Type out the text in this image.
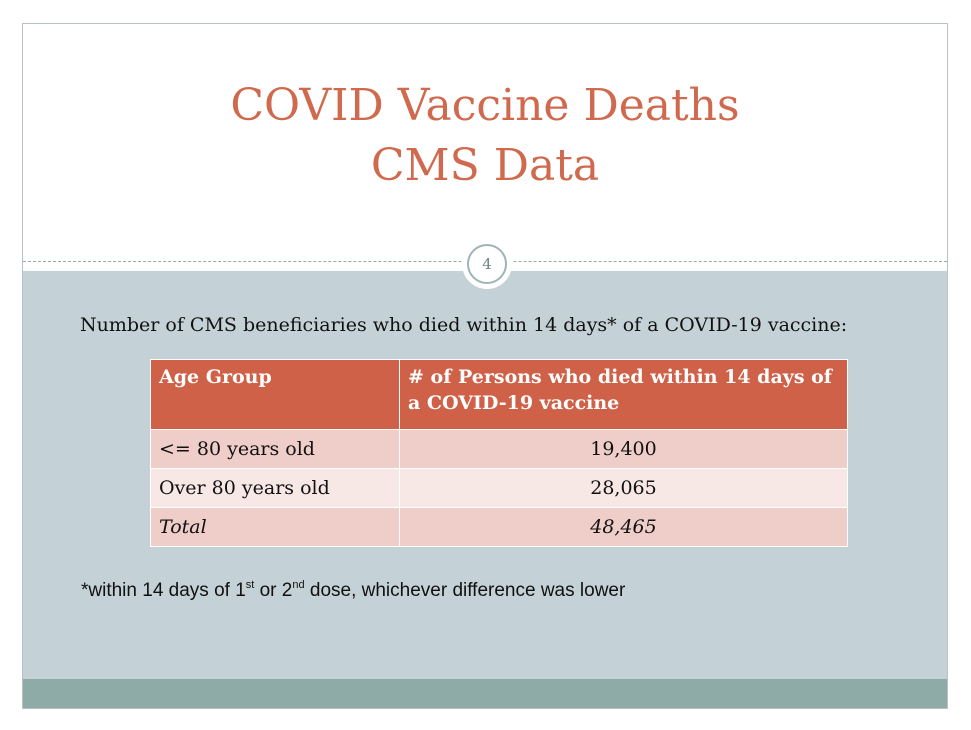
COVID Vaccine Deaths
CMS Data
4
Number of CMS beneficiaries who died within 14 days* of a COVID-19 vaccine:
Age Group	# of Persons who died within 14 days of a COVID-19 vaccine
<= 80 years old	19,400
Over 80 years old	28,065
Total	48,465
*within 14 days of 1st or 2nd dose, whichever difference was lower
